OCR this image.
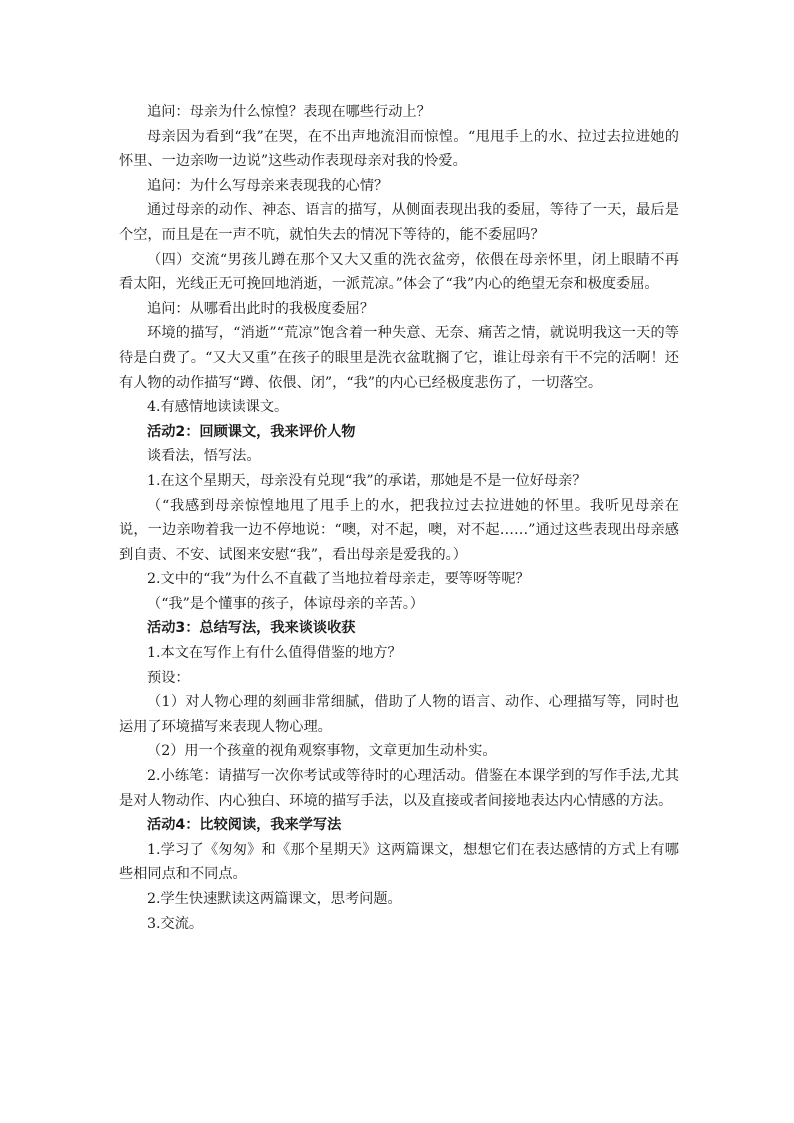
追问：母亲为什么惊惶？表现在哪些行动上？

母亲因为看到“我”在哭，在不出声地流泪而惊惶。“甩甩手上的水、拉过去拉进她的怀里、一边亲吻一边说”这些动作表现母亲对我的怜爱。

追问：为什么写母亲来表现我的心情？

通过母亲的动作、神态、语言的描写，从侧面表现出我的委屈，等待了一天，最后是个空，而且是在一声不吭，就怕失去的情况下等待的，能不委屈吗？

（四）交流“男孩儿蹲在那个又大又重的洗衣盆旁，依偎在母亲怀里，闭上眼睛不再看太阳，光线正无可挽回地消逝，一派荒凉。”体会了“我”内心的绝望无奈和极度委屈。

追问：从哪看出此时的我极度委屈？

环境的描写，“消逝”“荒凉”饱含着一种失意、无奈、痛苦之情，就说明我这一天的等待是白费了。“又大又重”在孩子的眼里是洗衣盆耽搁了它，谁让母亲有干不完的活啊！还有人物的动作描写“蹲、依偎、闭”，“我”的内心已经极度悲伤了，一切落空。

4.有感情地读读课文。

活动2：回顾课文，我来评价人物

谈看法，悟写法。

1.在这个星期天，母亲没有兑现“我”的承诺，那她是不是一位好母亲？

（“我感到母亲惊惶地甩了甩手上的水，把我拉过去拉进她的怀里。我听见母亲在说，一边亲吻着我一边不停地说：“噢，对不起，噢，对不起……”通过这些表现出母亲感到自责、不安、试图来安慰“我”，看出母亲是爱我的。）

2.文中的“我”为什么不直截了当地拉着母亲走，要等呀等呢？

（“我”是个懂事的孩子，体谅母亲的辛苦。）

活动3：总结写法，我来谈谈收获

1.本文在写作上有什么值得借鉴的地方？

预设：

（1）对人物心理的刻画非常细腻，借助了人物的语言、动作、心理描写等，同时也运用了环境描写来表现人物心理。

（2）用一个孩童的视角观察事物，文章更加生动朴实。

2.小练笔：请描写一次你考试或等待时的心理活动。借鉴在本课学到的写作手法,尤其是对人物动作、内心独白、环境的描写手法，以及直接或者间接地表达内心情感的方法。

活动4：比较阅读，我来学写法

1.学习了《匆匆》和《那个星期天》这两篇课文，想想它们在表达感情的方式上有哪些相同点和不同点。

2.学生快速默读这两篇课文，思考问题。

3.交流。
